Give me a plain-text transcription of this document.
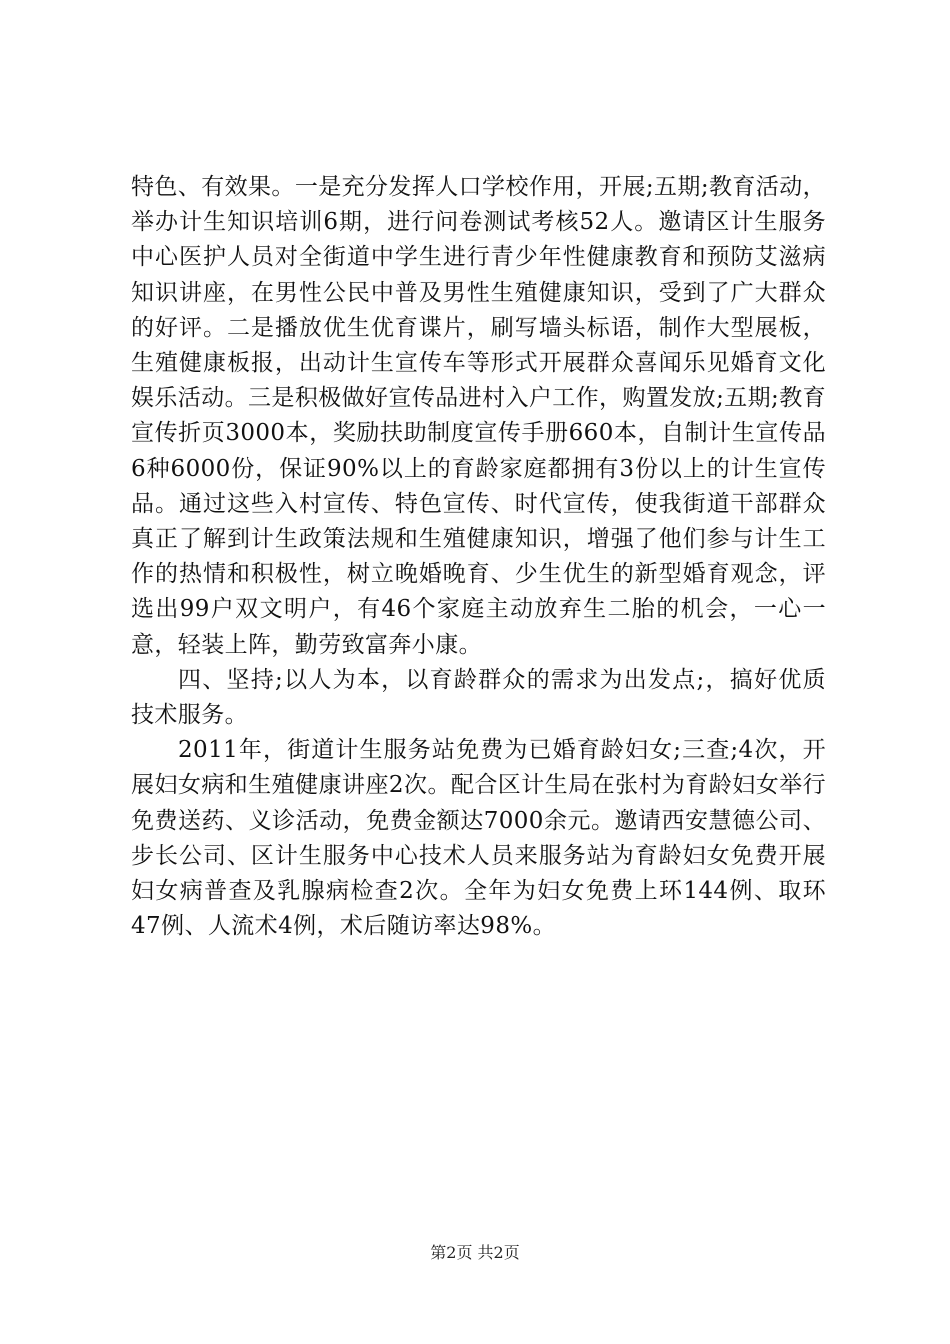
特色、有效果。一是充分发挥人口学校作用，开展;五期;教育活动，举办计生知识培训6期，进行问卷测试考核52人。邀请区计生服务中心医护人员对全街道中学生进行青少年性健康教育和预防艾滋病知识讲座，在男性公民中普及男性生殖健康知识，受到了广大群众的好评。二是播放优生优育谍片，刷写墙头标语，制作大型展板，生殖健康板报，出动计生宣传车等形式开展群众喜闻乐见婚育文化娱乐活动。三是积极做好宣传品进村入户工作，购置发放;五期;教育宣传折页3000本，奖励扶助制度宣传手册660本，自制计生宣传品6种6000份，保证90%以上的育龄家庭都拥有3份以上的计生宣传品。通过这些入村宣传、特色宣传、时代宣传，使我街道干部群众真正了解到计生政策法规和生殖健康知识，增强了他们参与计生工作的热情和积极性，树立晚婚晚育、少生优生的新型婚育观念，评选出99户双文明户，有46个家庭主动放弃生二胎的机会，一心一意，轻装上阵，勤劳致富奔小康。

四、坚持;以人为本，以育龄群众的需求为出发点;，搞好优质技术服务。

2011年，街道计生服务站免费为已婚育龄妇女;三查;4次，开展妇女病和生殖健康讲座2次。配合区计生局在张村为育龄妇女举行免费送药、义诊活动，免费金额达7000余元。邀请西安慧德公司、步长公司、区计生服务中心技术人员来服务站为育龄妇女免费开展妇女病普查及乳腺病检查2次。全年为妇女免费上环144例、取环47例、人流术4例，术后随访率达98%。

第2页 共2页
